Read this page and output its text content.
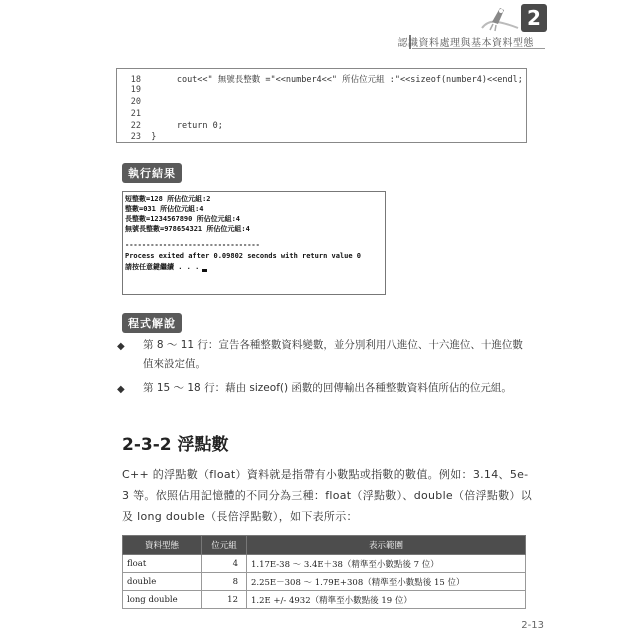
2
認識資料處理與基本資料型態
18       cout<<" 無號長整數 ="<<number4<<" 所佔位元組 :"<<sizeof(number4)<<endl;
19
20
21
22       return 0;
23 }
執行結果
短整數=128 所佔位元組:2
整數=031 所佔位元組:4
長整數=1234567890 所佔位元組:4
無號長整數=978654321 所佔位元組:4
--------------------------------
Process exited after 0.09802 seconds with return value 0
請按任意鍵繼續 . . .
程式解說
◆ 第 8 ～ 11 行：宣告各種整數資料變數，並分別利用八進位、十六進位、十進位數值來設定值。
◆ 第 15 ～ 18 行：藉由 sizeof() 函數的回傳輸出各種整數資料值所佔的位元組。
2-3-2 浮點數
C++ 的浮點數（float）資料就是指帶有小數點或指數的數值。例如：3.14、5e-3 等。依照佔用記憶體的不同分為三種：float（浮點數）、double（倍浮點數）以及 long double（長倍浮點數），如下表所示：
資料型態	位元組	表示範圍
float	4	1.17E-38 ～ 3.4E＋38（精準至小數點後 7 位）
double	8	2.25E－308 ～ 1.79E+308（精準至小數點後 15 位）
long double	12	1.2E +/- 4932（精準至小數點後 19 位）
2-13
